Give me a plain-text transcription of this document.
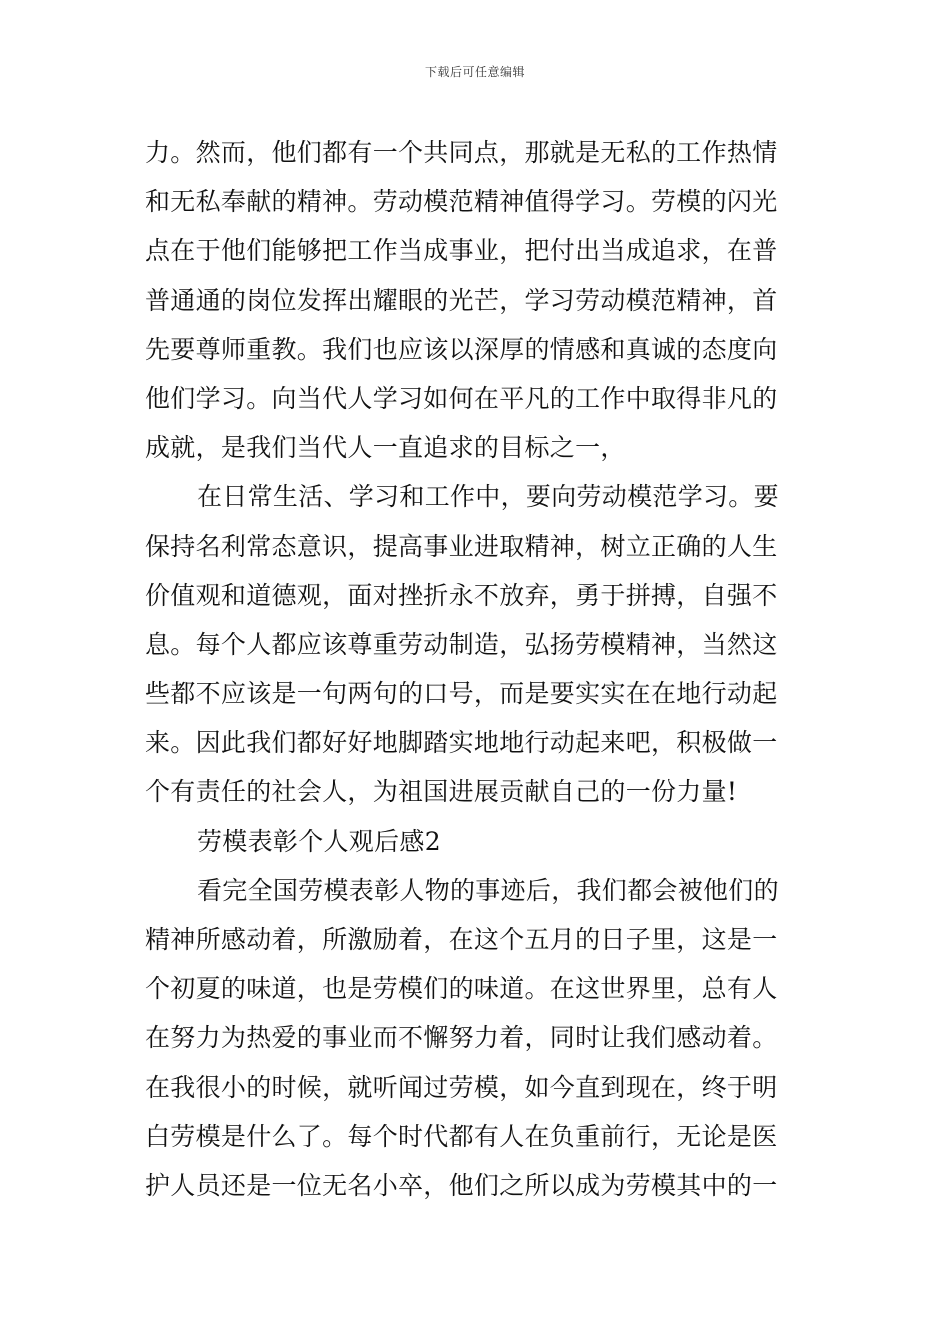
下载后可任意编辑
力。然而，他们都有一个共同点，那就是无私的工作热情
和无私奉献的精神。劳动模范精神值得学习。劳模的闪光
点在于他们能够把工作当成事业，把付出当成追求，在普
普通通的岗位发挥出耀眼的光芒，学习劳动模范精神，首
先要尊师重教。我们也应该以深厚的情感和真诚的态度向
他们学习。向当代人学习如何在平凡的工作中取得非凡的
成就，是我们当代人一直追求的目标之一，
在日常生活、学习和工作中，要向劳动模范学习。要
保持名利常态意识，提高事业进取精神，树立正确的人生
价值观和道德观，面对挫折永不放弃，勇于拼搏，自强不
息。每个人都应该尊重劳动制造，弘扬劳模精神，当然这
些都不应该是一句两句的口号，而是要实实在在地行动起
来。因此我们都好好地脚踏实地地行动起来吧，积极做一
个有责任的社会人，为祖国进展贡献自己的一份力量!
劳模表彰个人观后感2
看完全国劳模表彰人物的事迹后，我们都会被他们的
精神所感动着，所激励着，在这个五月的日子里，这是一
个初夏的味道，也是劳模们的味道。在这世界里，总有人
在努力为热爱的事业而不懈努力着，同时让我们感动着。
在我很小的时候，就听闻过劳模，如今直到现在，终于明
白劳模是什么了。每个时代都有人在负重前行，无论是医
护人员还是一位无名小卒，他们之所以成为劳模其中的一
